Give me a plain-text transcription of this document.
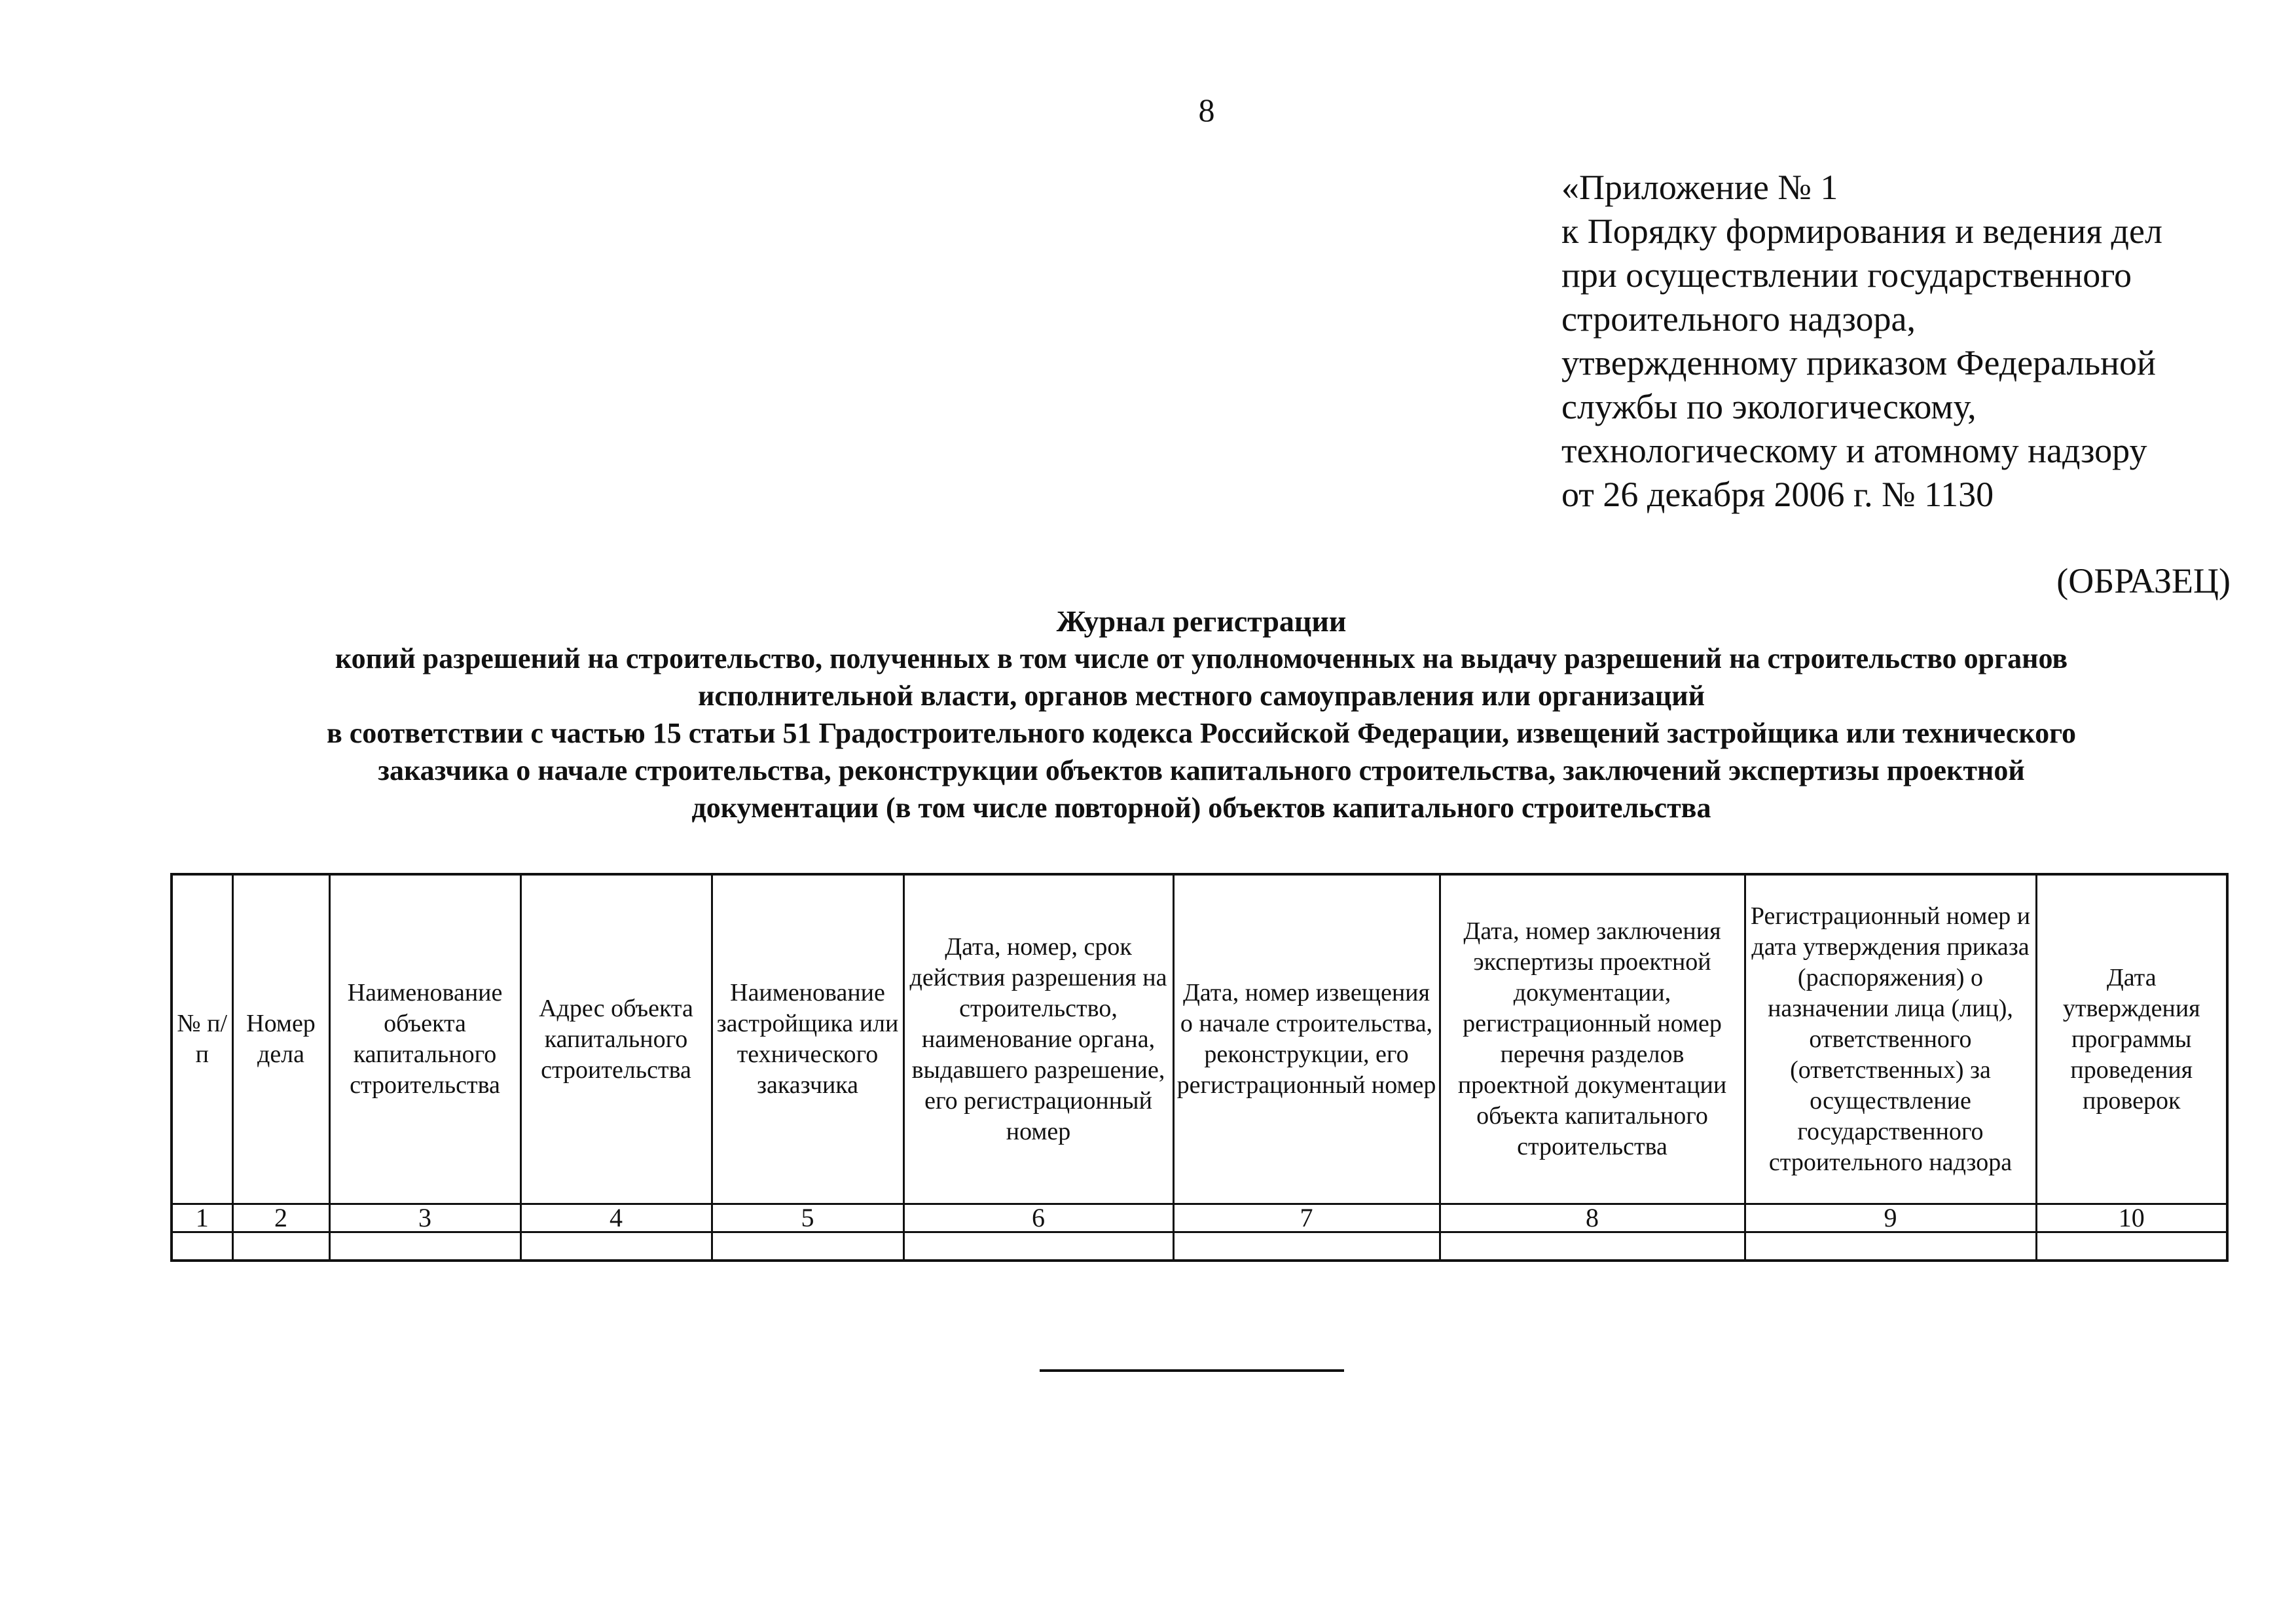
8
«Приложение № 1
к Порядку формирования и ведения дел
при осуществлении государственного
строительного надзора,
утвержденному приказом Федеральной
службы по экологическому,
технологическому и атомному надзору
от 26 декабря 2006 г. № 1130
(ОБРАЗЕЦ)
Журнал регистрации
копий разрешений на строительство, полученных в том числе от уполномоченных на выдачу разрешений на строительство органов
исполнительной власти, органов местного самоуправления или организаций
в соответствии с частью 15 статьи 51 Градостроительного кодекса Российской Федерации, извещений застройщика или технического
заказчика о начале строительства, реконструкции объектов капитального строительства, заключений экспертизы проектной
документации (в том числе повторной) объектов капитального строительства
№ п/п	Номер дела	Наименование объекта капитального строительства	Адрес объекта капитального строительства	Наименование застройщика или технического заказчика	Дата, номер, срок действия разрешения на строительство, наименование органа, выдавшего разрешение, его регистрационный номер	Дата, номер извещения о начале строительства, реконструкции, его регистрационный номер	Дата, номер заключения экспертизы проектной документации, регистрационный номер перечня разделов проектной документации объекта капитального строительства	Регистрационный номер и дата утверждения приказа (распоряжения) о назначении лица (лиц), ответственного (ответственных) за осуществление государственного строительного надзора	Дата утверждения программы проведения проверок
1	2	3	4	5	6	7	8	9	10
